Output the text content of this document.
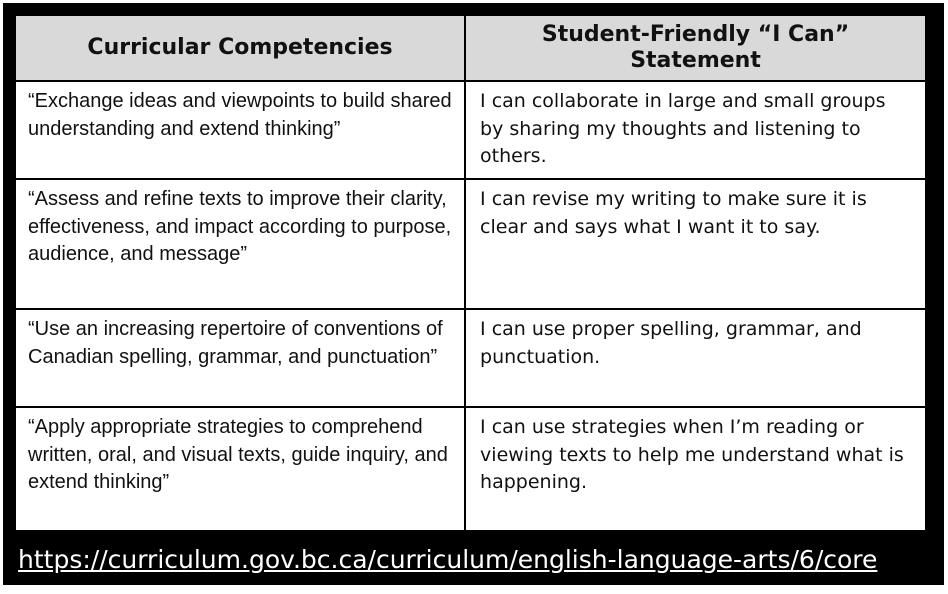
Curricular Competencies	Student-Friendly “I Can” Statement
“Exchange ideas and viewpoints to build shared understanding and extend thinking”	I can collaborate in large and small groups by sharing my thoughts and listening to others.
“Assess and refine texts to improve their clarity, effectiveness, and impact according to purpose, audience, and message”	I can revise my writing to make sure it is clear and says what I want it to say.
“Use an increasing repertoire of conventions of Canadian spelling, grammar, and punctuation”	I can use proper spelling, grammar, and punctuation.
“Apply appropriate strategies to comprehend written, oral, and visual texts, guide inquiry, and extend thinking”	I can use strategies when I’m reading or viewing texts to help me understand what is happening.
https://curriculum.gov.bc.ca/curriculum/english-language-arts/6/core
